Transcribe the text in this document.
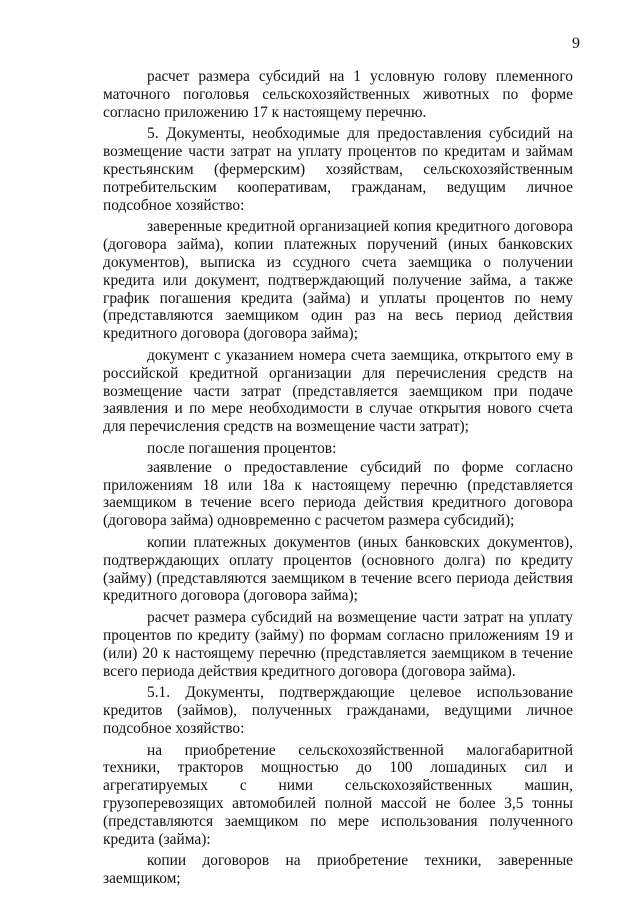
9

расчет размера субсидий на 1 условную голову племенного маточного поголовья сельскохозяйственных животных по форме согласно приложению 17 к настоящему перечню.

5. Документы, необходимые для предоставления субсидий на возмещение части затрат на уплату процентов по кредитам и займам крестьянским (фермерским) хозяйствам, сельскохозяйственным потребительским кооперативам, гражданам, ведущим личное подсобное хозяйство:

заверенные кредитной организацией копия кредитного договора (договора займа), копии платежных поручений (иных банковских документов), выписка из ссудного счета заемщика о получении кредита или документ, подтверждающий получение займа, а также график погашения кредита (займа) и уплаты процентов по нему (представляются заемщиком один раз на весь период действия кредитного договора (договора займа);

документ с указанием номера счета заемщика, открытого ему в российской кредитной организации для перечисления средств на возмещение части затрат (представляется заемщиком при подаче заявления и по мере необходимости в случае открытия нового счета для перечисления средств на возмещение части затрат);

после погашения процентов:

заявление о предоставление субсидий по форме согласно приложениям 18 или 18а к настоящему перечню (представляется заемщиком в течение всего периода действия кредитного договора (договора займа) одновременно с расчетом размера субсидий);

копии платежных документов (иных банковских документов), подтверждающих оплату процентов (основного долга) по кредиту (займу) (представляются заемщиком в течение всего периода действия кредитного договора (договора займа);

расчет размера субсидий на возмещение части затрат на уплату процентов по кредиту (займу) по формам согласно приложениям 19 и (или) 20 к настоящему перечню (представляется заемщиком в течение всего периода действия кредитного договора (договора займа).

5.1. Документы, подтверждающие целевое использование кредитов (займов), полученных гражданами, ведущими личное подсобное хозяйство:

на приобретение сельскохозяйственной малогабаритной техники, тракторов мощностью до 100 лошадиных сил и агрегатируемых с ними сельскохозяйственных машин, грузоперевозящих автомобилей полной массой не более 3,5 тонны (представляются заемщиком по мере использования полученного кредита (займа):

копии договоров на приобретение техники, заверенные заемщиком;
